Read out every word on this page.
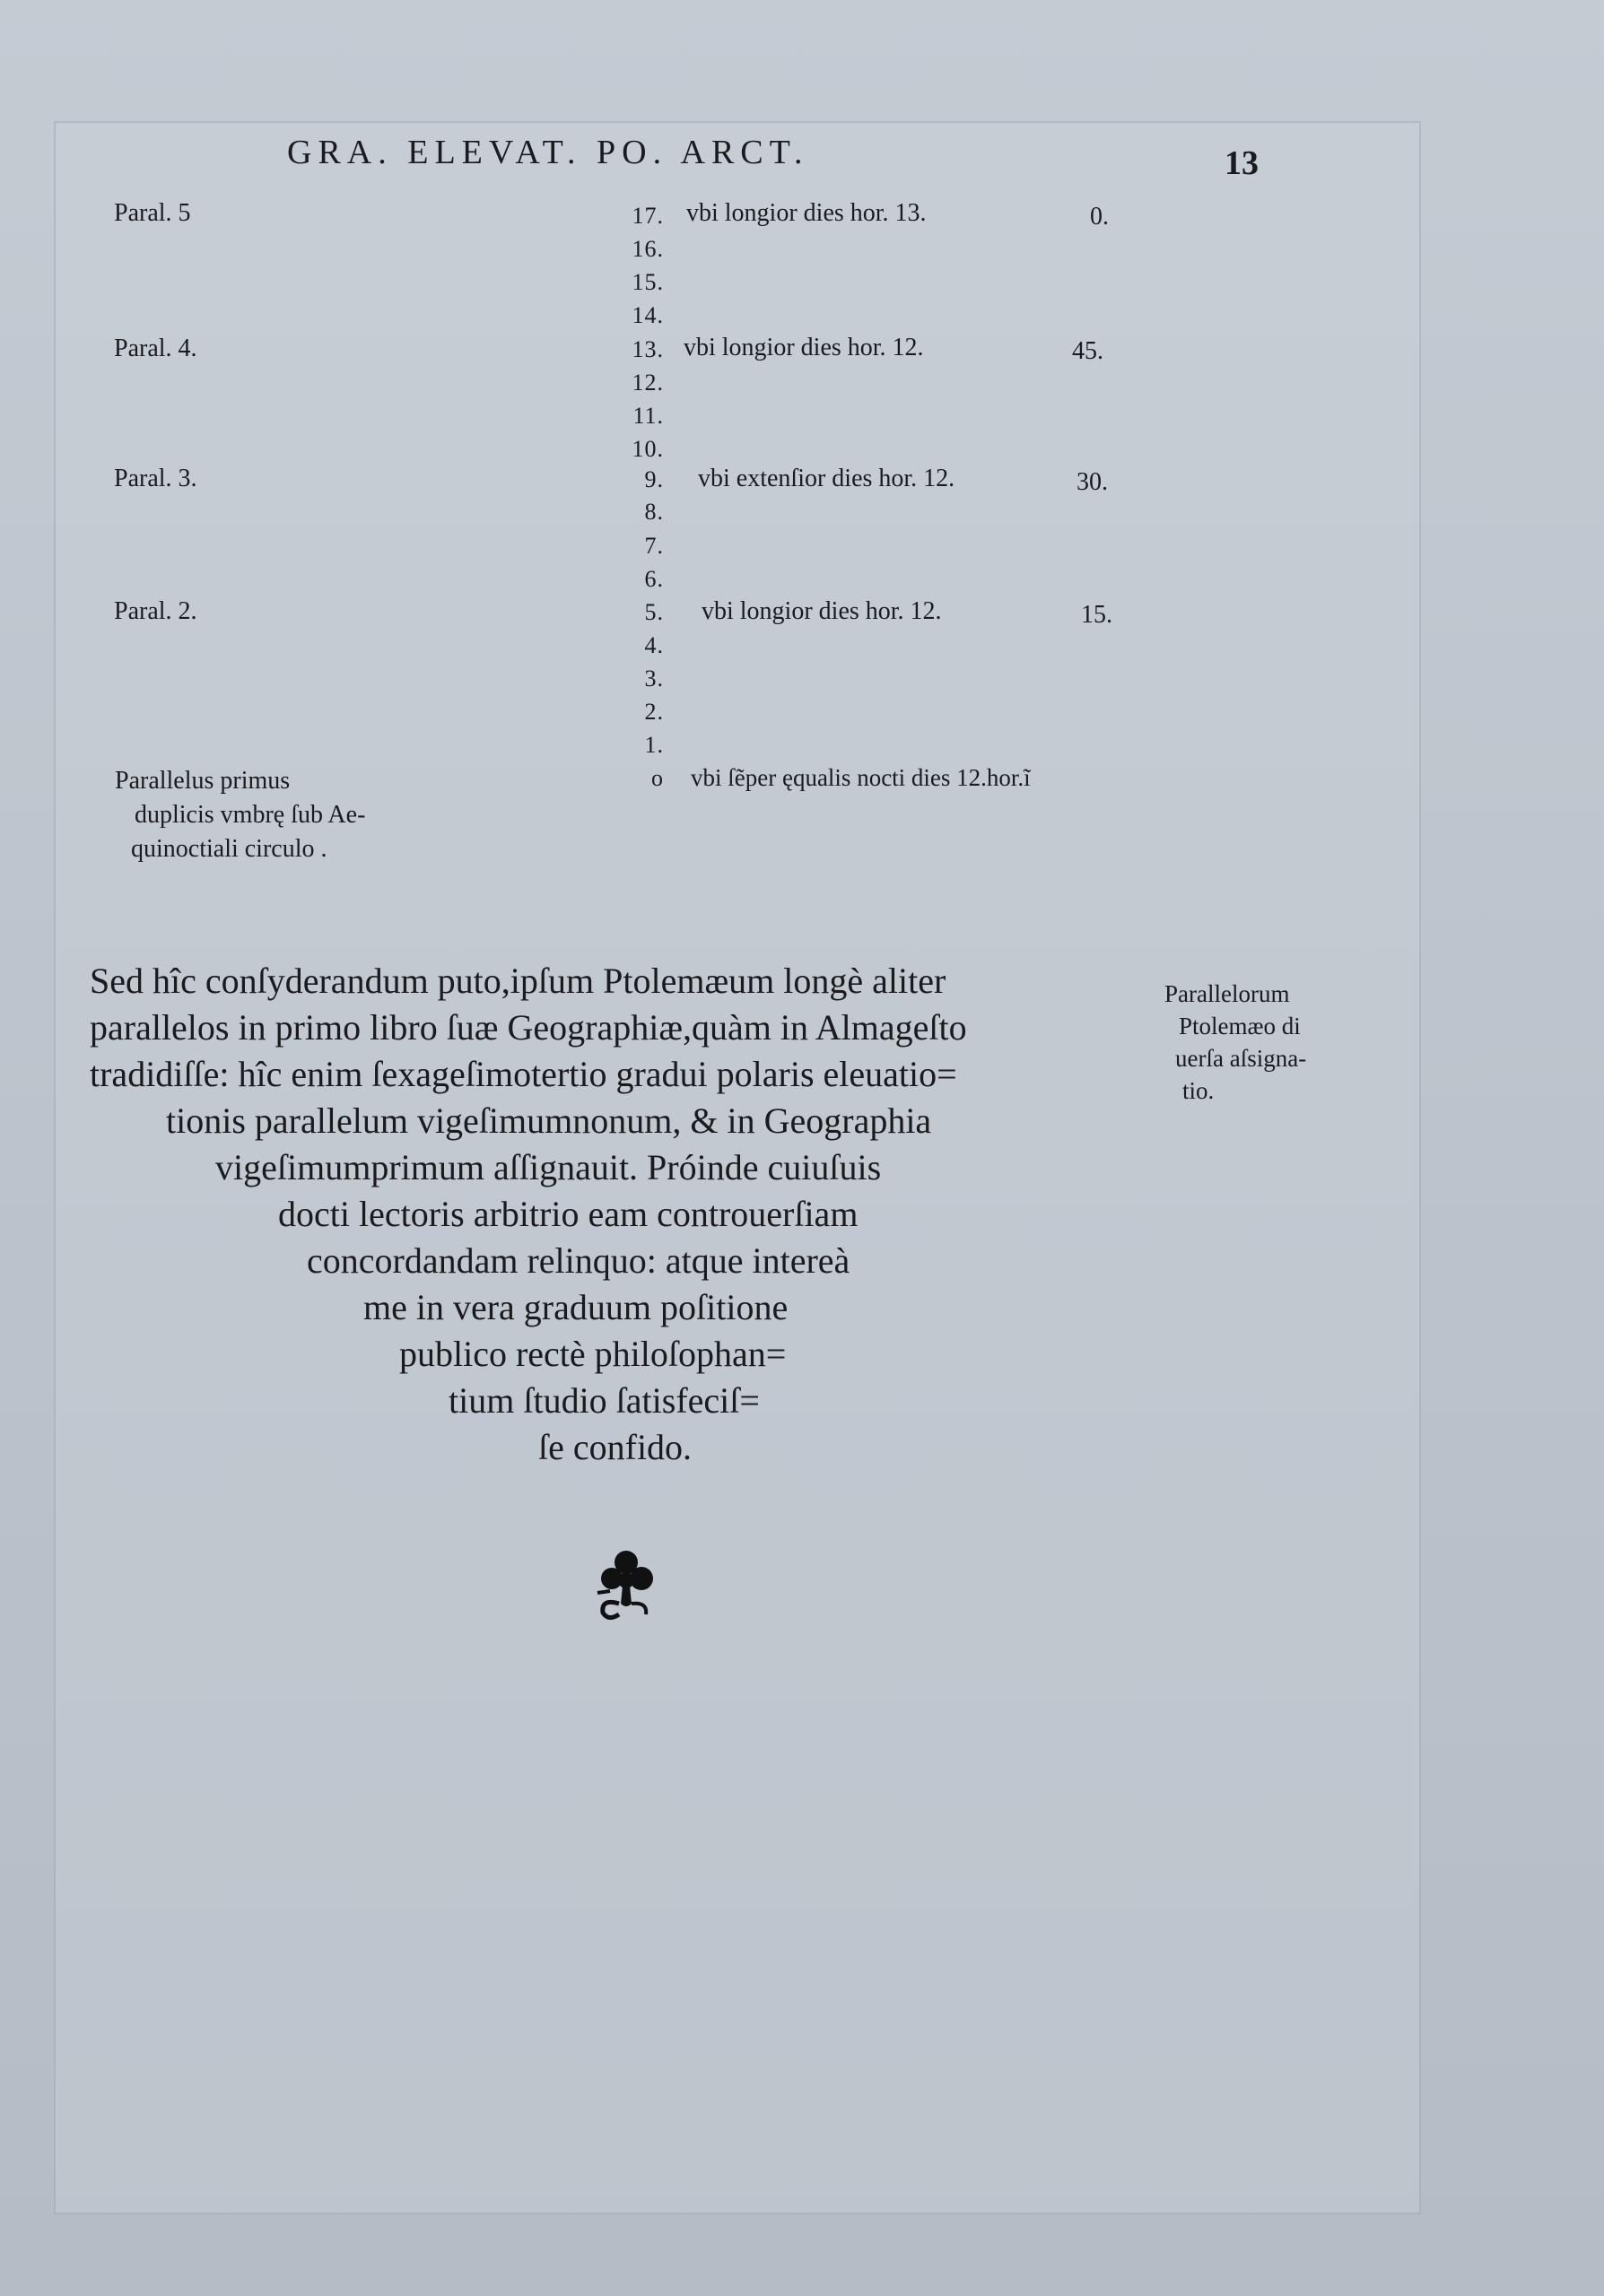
GRA. ELEVAT. PO. ARCT.	13
Paral. 5	17. vbi longior dies hor. 13.	0.
16.
15.
14.
Paral. 4.	13. vbi longior dies hor. 12.	45.
12.
11.
10.
Paral. 3.	9. vbi extenſior dies hor. 12.	30.
8.
7.
6.
Paral. 2.	5. vbi longior dies hor. 12.	15.
4.
3.
2.
1.
o vbi ſẽper ęqualis nocti dies 12.hor.ĩ
Parallelus primus
duplicis vmbrę ſub Ae-
quinoctiali circulo .
Sed hîc conſyderandum puto,ipſum Ptolemæum longè aliter
parallelos in primo libro ſuæ Geographiæ,quàm in Almageſto
tradidiſſe: hîc enim ſexageſimotertio gradui polaris eleuatio=
tionis parallelum vigeſimumnonum, & in Geographia
vigeſimumprimum aſſignauit. Próinde cuiuſuis
docti lectoris arbitrio eam controuerſiam
concordandam relinquo: atque intereà
me in vera graduum poſitione
publico rectè philoſophan=
tium ſtudio ſatisfeciſ=
ſe confido.
Parallelorum
Ptolemæo di
uerſa aſsigna-
tio.
